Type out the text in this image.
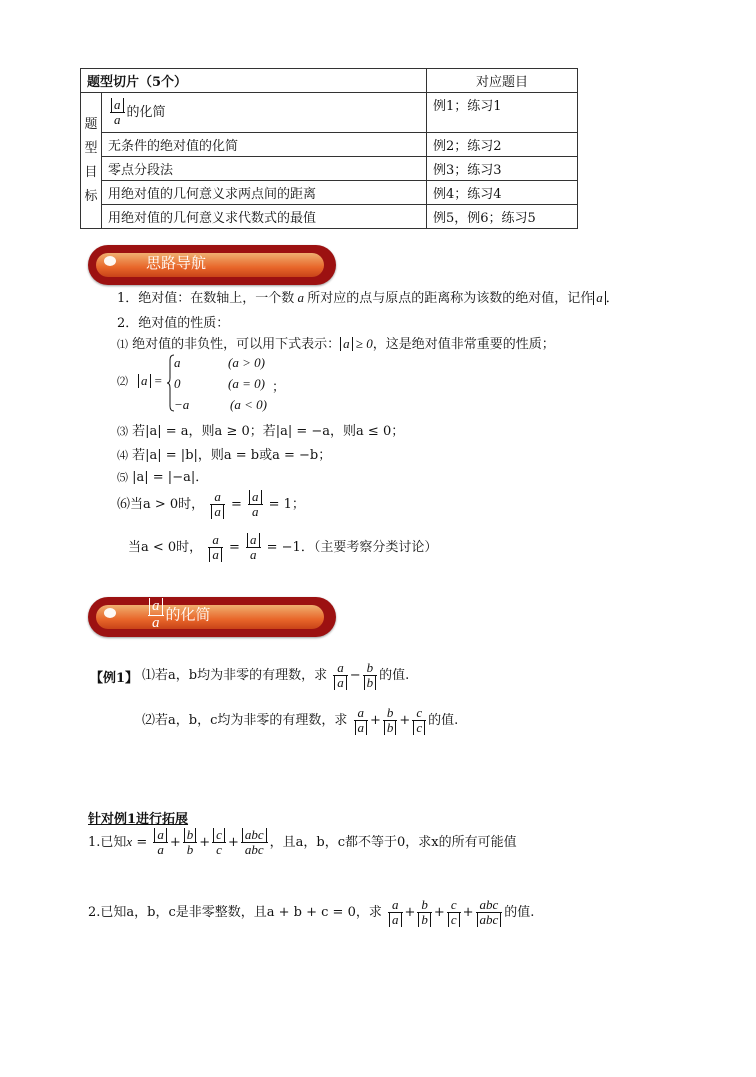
题型切片（5个）		对应题目
题
型
目
标	$\frac{a}{a}$ 的化简	例1；练习1
	无条件的绝对值的化简	例2；练习2
	零点分段法	例3；练习3
	用绝对值的几何意义求两点间的距离	例4；练习4
	用绝对值的几何意义求代数式的最值	例5，例6；练习5
思路导航
1．绝对值：在数轴上，一个数 a 所对应的点与原点的距离称为该数的绝对值，记作 a ．
2．绝对值的性质：
⑴ 绝对值的非负性，可以用下式表示： a ≥ 0，这是绝对值非常重要的性质；
⑵ a =
a	(a > 0)
0	(a = 0) ；
−a	(a < 0)
⑶ 若|a| = a，则a ≥ 0；若|a| = −a，则a ≤ 0；
⑷ 若|a| = |b|，则a = b或a = −b；
⑸ |a| = |−a|．
⑹当a > 0时， $\frac{a}{a} = \frac{a}{a} = 1$；
当a < 0时， $\frac{a}{a} = \frac{a}{a} = -1$．（主要考察分类讨论）
$\frac{a}{a}$ 的化简
【例1】 ⑴若a，b均为非零的有理数，求 $\frac{a}{a} - \frac{b}{b}$ 的值.
⑵若a，b，c均为非零的有理数，求 $\frac{a}{a} + \frac{b}{b} + \frac{c}{c}$ 的值.
针对例1进行拓展
1.已知$x = \frac{a}{a} + \frac{b}{b} + \frac{c}{c} + \frac{\text{abc}}{\text{abc}}$ ，且a，b，c都不等于0，求x的所有可能值
2.已知a，b，c是非零整数，且a + b + c = 0，求 $\frac{a}{a} + \frac{b}{b} + \frac{c}{c} + \frac{\text{abc}}{\text{abc}}$ 的值.
